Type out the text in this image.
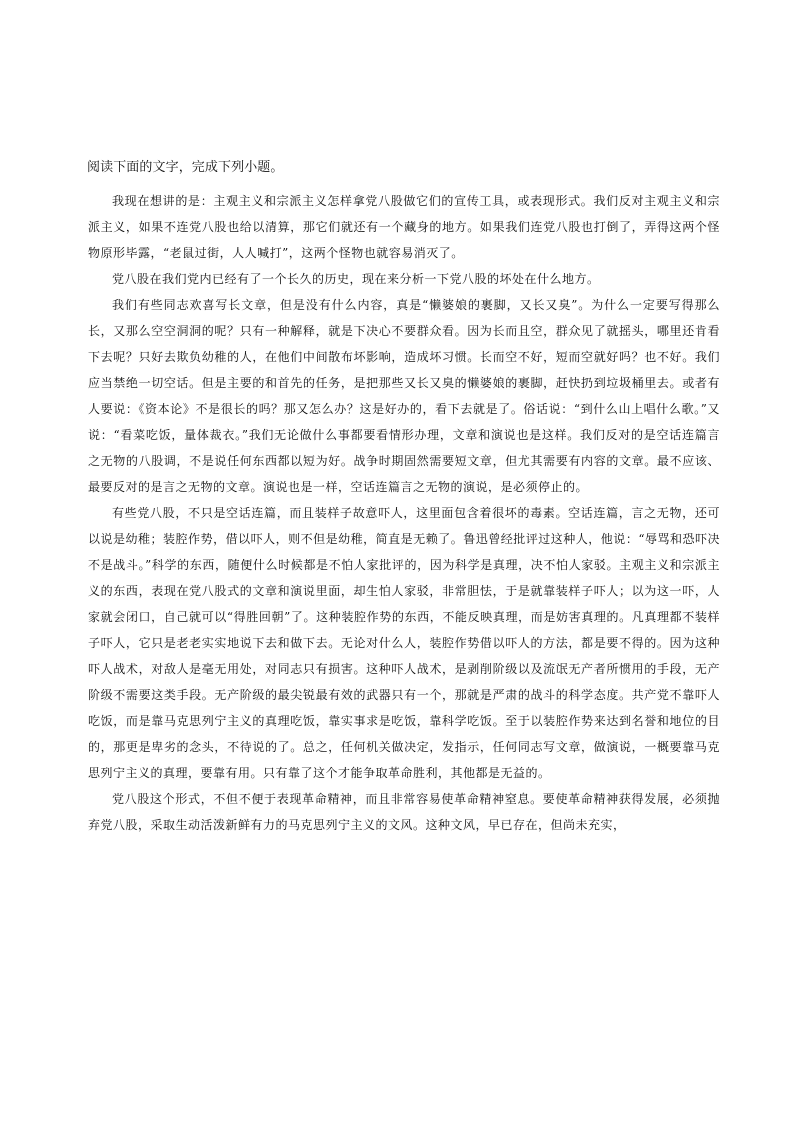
阅读下面的文字，完成下列小题。

我现在想讲的是：主观主义和宗派主义怎样拿党八股做它们的宣传工具，或表现形式。我们反对主观主义和宗派主义，如果不连党八股也给以清算，那它们就还有一个藏身的地方。如果我们连党八股也打倒了，弄得这两个怪物原形毕露，“老鼠过街，人人喊打”，这两个怪物也就容易消灭了。

党八股在我们党内已经有了一个长久的历史，现在来分析一下党八股的坏处在什么地方。

我们有些同志欢喜写长文章，但是没有什么内容，真是“懒婆娘的裹脚，又长又臭”。为什么一定要写得那么长，又那么空空洞洞的呢？只有一种解释，就是下决心不要群众看。因为长而且空，群众见了就摇头，哪里还肯看下去呢？只好去欺负幼稚的人，在他们中间散布坏影响，造成坏习惯。长而空不好，短而空就好吗？也不好。我们应当禁绝一切空话。但是主要的和首先的任务，是把那些又长又臭的懒婆娘的裹脚，赶快扔到垃圾桶里去。或者有人要说：《资本论》不是很长的吗？那又怎么办？这是好办的，看下去就是了。俗话说：“到什么山上唱什么歌。”又说：“看菜吃饭，量体裁衣。”我们无论做什么事都要看情形办理，文章和演说也是这样。我们反对的是空话连篇言之无物的八股调，不是说任何东西都以短为好。战争时期固然需要短文章，但尤其需要有内容的文章。最不应该、最要反对的是言之无物的文章。演说也是一样，空话连篇言之无物的演说，是必须停止的。

有些党八股，不只是空话连篇，而且装样子故意吓人，这里面包含着很坏的毒素。空话连篇，言之无物，还可以说是幼稚；装腔作势，借以吓人，则不但是幼稚，简直是无赖了。鲁迅曾经批评过这种人，他说：“辱骂和恐吓决不是战斗。”科学的东西，随便什么时候都是不怕人家批评的，因为科学是真理，决不怕人家驳。主观主义和宗派主义的东西，表现在党八股式的文章和演说里面，却生怕人家驳，非常胆怯，于是就靠装样子吓人；以为这一吓，人家就会闭口，自己就可以“得胜回朝”了。这种装腔作势的东西，不能反映真理，而是妨害真理的。凡真理都不装样子吓人，它只是老老实实地说下去和做下去。无论对什么人，装腔作势借以吓人的方法，都是要不得的。因为这种吓人战术，对敌人是毫无用处，对同志只有损害。这种吓人战术，是剥削阶级以及流氓无产者所惯用的手段，无产阶级不需要这类手段。无产阶级的最尖锐最有效的武器只有一个，那就是严肃的战斗的科学态度。共产党不靠吓人吃饭，而是靠马克思列宁主义的真理吃饭，靠实事求是吃饭，靠科学吃饭。至于以装腔作势来达到名誉和地位的目的，那更是卑劣的念头，不待说的了。总之，任何机关做决定，发指示，任何同志写文章，做演说，一概要靠马克思列宁主义的真理，要靠有用。只有靠了这个才能争取革命胜利，其他都是无益的。

党八股这个形式，不但不便于表现革命精神，而且非常容易使革命精神窒息。要使革命精神获得发展，必须抛弃党八股，采取生动活泼新鲜有力的马克思列宁主义的文风。这种文风，早已存在，但尚未充实，
